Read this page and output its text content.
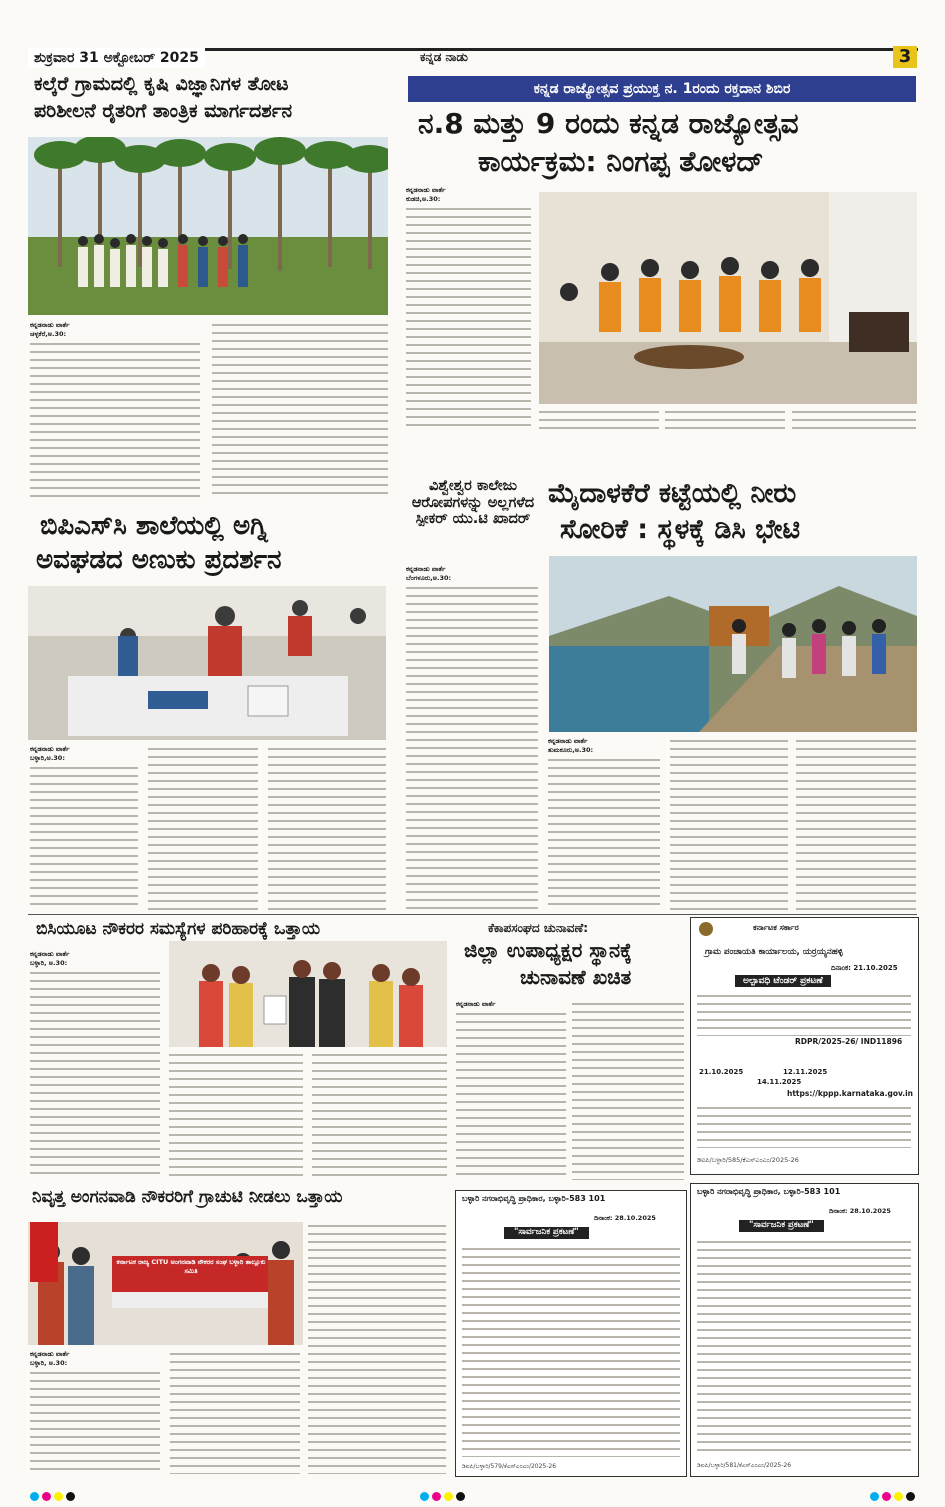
ಶುಕ್ರವಾರ 31 ಅಕ್ಟೋಬರ್ 2025	ಕನ್ನಡ ನಾಡು	3
ಕಲ್ಕೆರೆ ಗ್ರಾಮದಲ್ಲಿ ಕೃಷಿ ವಿಜ್ಞಾನಿಗಳ ತೋಟ
ಪರಿಶೀಲನೆ ರೈತರಿಗೆ ತಾಂತ್ರಿಕ ಮಾರ್ಗದರ್ಶನ
ಕನ್ನಡನಾಡು ವಾರ್ತೆ
ಚಳ್ಳಕೆರೆ,ಅ.30:
ಕನ್ನಡ ರಾಜ್ಯೋತ್ಸವ ಪ್ರಯುಕ್ತ ನ. 1ರಂದು ರಕ್ತದಾನ ಶಿಬಿರ
ನ.8 ಮತ್ತು 9 ರಂದು ಕನ್ನಡ ರಾಜ್ಯೋತ್ಸವ
ಕಾರ್ಯಕ್ರಮ: ನಿಂಗಪ್ಪ ತೋಳದ್
ಕನ್ನಡನಾಡು ವಾರ್ತೆ
ಕುಡಚಿ,ಅ.30:
ವಿಶ್ವೇಶ್ವರ ಕಾಲೇಜು ಆರೋಪಗಳನ್ನು ಅಲ್ಲಗಳೆದ ಸ್ಪೀಕರ್ ಯು.ಟಿ ಖಾದರ್
ಕನ್ನಡನಾಡು ವಾರ್ತೆ
ಬೆಂಗಳೂರು,ಅ.30:
ಬಿಪಿಎಸ್‌ಸಿ ಶಾಲೆಯಲ್ಲಿ ಅಗ್ನಿ
ಅವಘಡದ ಅಣುಕು ಪ್ರದರ್ಶನ
ಕನ್ನಡನಾಡು ವಾರ್ತೆ
ಬಳ್ಳಾರಿ,ಅ.30:
ಮೈದಾಳಕೆರೆ ಕಟ್ಟೆಯಲ್ಲಿ ನೀರು
ಸೋರಿಕೆ : ಸ್ಥಳಕ್ಕೆ ಡಿಸಿ ಭೇಟಿ
ಕನ್ನಡನಾಡು ವಾರ್ತೆ
ತುಮಕೂರು,ಅ.30:
ಬಿಸಿಯೂಟ ನೌಕರರ ಸಮಸ್ಯೆಗಳ ಪರಿಹಾರಕ್ಕೆ ಒತ್ತಾಯ
ಕನ್ನಡನಾಡು ವಾರ್ತೆ
ಬಳ್ಳಾರಿ, ಅ.30:
ಕೆಕಾಪಸಂಘದ ಚುನಾವಣೆ:
ಜಿಲ್ಲಾ ಉಪಾಧ್ಯಕ್ಷರ ಸ್ಥಾನಕ್ಕೆ
ಚುನಾವಣೆ ಖಚಿತ
ಕನ್ನಡನಾಡು ವಾರ್ತೆ
ಕರ್ನಾಟಕ ಸರ್ಕಾರ
ಗ್ರಾಮ ಪಂಚಾಯತಿ ಕಾರ್ಯಾಲಯ, ಯರ್ರಯ್ಯನಹಳ್ಳಿ
ದಿನಾಂಕ: 21.10.2025
ಅಲ್ಪಾವಧಿ ಟೆಂಡರ್ ಪ್ರಕಟಣೆ
RDPR/2025-26/ IND11896
21.10.2025	12.11.2025
14.11.2025
https://kppp.karnataka.gov.in
ಡಿಐಪಿ/ಬಳ್ಳಾರಿ/585/ಕೆಎಸ್‌ಎಂಎಂ/2025-26
ನಿವೃತ್ತ ಅಂಗನವಾಡಿ ನೌಕರರಿಗೆ ಗ್ರಾಚುಟಿ ನೀಡಲು ಒತ್ತಾಯ
ಕರ್ನಾಟಕ ರಾಜ್ಯ CITU ಅಂಗನವಾಡಿ ನೌಕರರ ಸಂಘ ಬಳ್ಳಾರಿ ತಾಲ್ಲೂಕು ಸಮಿತಿ
ಕನ್ನಡನಾಡು ವಾರ್ತೆ
ಬಳ್ಳಾರಿ, ಅ.30:
ಬಳ್ಳಾರಿ ನಗರಾಭಿವೃದ್ಧಿ ಪ್ರಾಧಿಕಾರ, ಬಳ್ಳಾರಿ-583 101
ದಿನಾಂಕ: 28.10.2025
"ಸಾರ್ವಜನಿಕ ಪ್ರಕಟಣೆ"
ಡಿಐಪಿ/ಬಳ್ಳಾರಿ/579/ಕೆಎಸ್‌ಎಂಎಂ/2025-26
ಬಳ್ಳಾರಿ ನಗರಾಭಿವೃದ್ಧಿ ಪ್ರಾಧಿಕಾರ, ಬಳ್ಳಾರಿ-583 101
ದಿನಾಂಕ: 28.10.2025
"ಸಾರ್ವಜನಿಕ ಪ್ರಕಟಣೆ"
ಡಿಐಪಿ/ಬಳ್ಳಾರಿ/581/ಕೆಎಸ್‌ಎಂಎಂ/2025-26
